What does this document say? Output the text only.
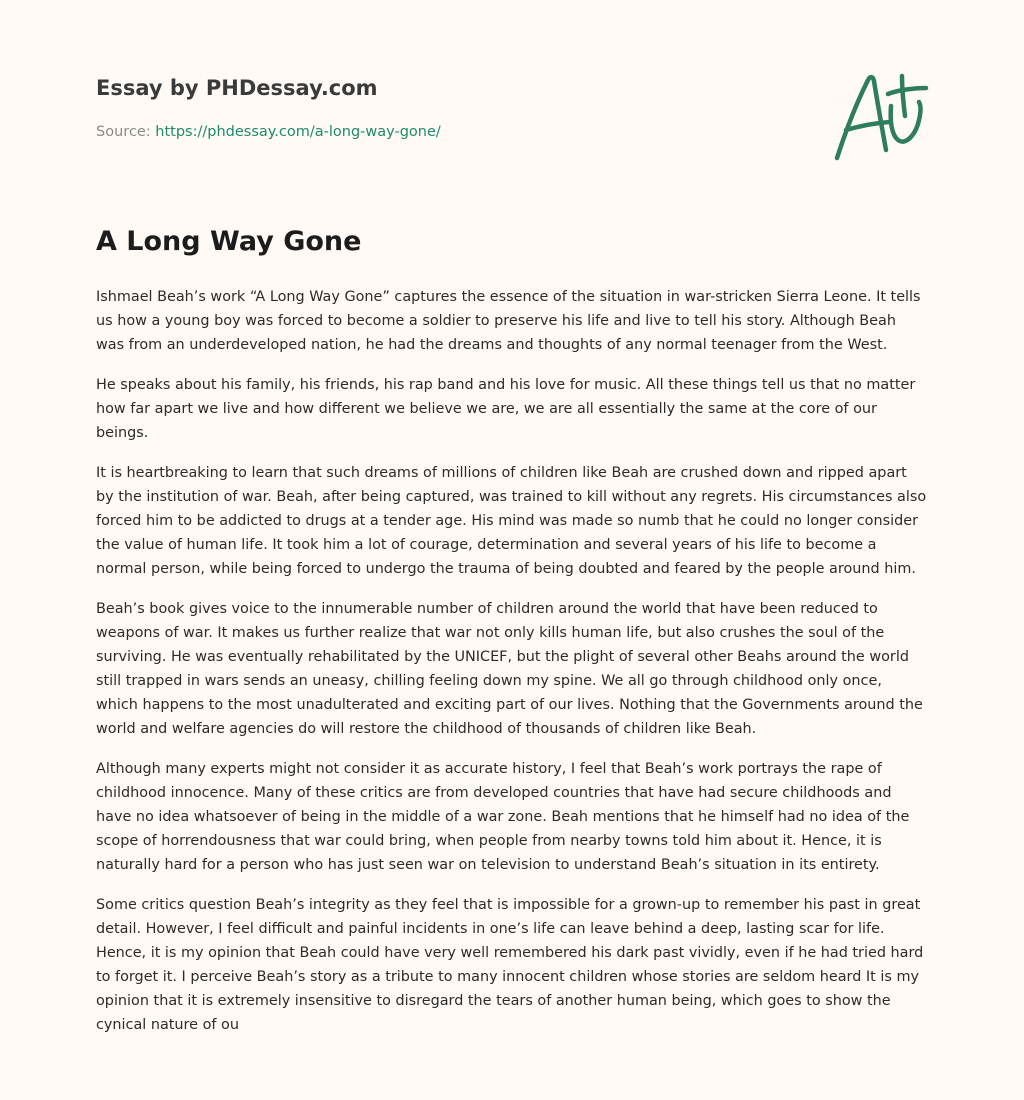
Essay by PHDessay.com
Source: https://phdessay.com/a-long-way-gone/
A Long Way Gone

Ishmael Beah’s work “A Long Way Gone” captures the essence of the situation in war-stricken Sierra Leone. It tells us how a young boy was forced to become a soldier to preserve his life and live to tell his story. Although Beah was from an underdeveloped nation, he had the dreams and thoughts of any normal teenager from the West.

He speaks about his family, his friends, his rap band and his love for music. All these things tell us that no matter how far apart we live and how different we believe we are, we are all essentially the same at the core of our beings.

It is heartbreaking to learn that such dreams of millions of children like Beah are crushed down and ripped apart by the institution of war. Beah, after being captured, was trained to kill without any regrets. His circumstances also forced him to be addicted to drugs at a tender age. His mind was made so numb that he could no longer consider the value of human life. It took him a lot of courage, determination and several years of his life to become a normal person, while being forced to undergo the trauma of being doubted and feared by the people around him.

Beah’s book gives voice to the innumerable number of children around the world that have been reduced to weapons of war. It makes us further realize that war not only kills human life, but also crushes the soul of the surviving. He was eventually rehabilitated by the UNICEF, but the plight of several other Beahs around the world still trapped in wars sends an uneasy, chilling feeling down my spine. We all go through childhood only once, which happens to the most unadulterated and exciting part of our lives. Nothing that the Governments around the world and welfare agencies do will restore the childhood of thousands of children like Beah.

Although many experts might not consider it as accurate history, I feel that Beah’s work portrays the rape of childhood innocence. Many of these critics are from developed countries that have had secure childhoods and have no idea whatsoever of being in the middle of a war zone. Beah mentions that he himself had no idea of the scope of horrendousness that war could bring, when people from nearby towns told him about it. Hence, it is naturally hard for a person who has just seen war on television to understand Beah’s situation in its entirety.

Some critics question Beah’s integrity as they feel that is impossible for a grown-up to remember his past in great detail. However, I feel difficult and painful incidents in one’s life can leave behind a deep, lasting scar for life. Hence, it is my opinion that Beah could have very well remembered his dark past vividly, even if he had tried hard to forget it. I perceive Beah’s story as a tribute to many innocent children whose stories are seldom heard It is my opinion that it is extremely insensitive to disregard the tears of another human being, which goes to show the cynical nature of ou
